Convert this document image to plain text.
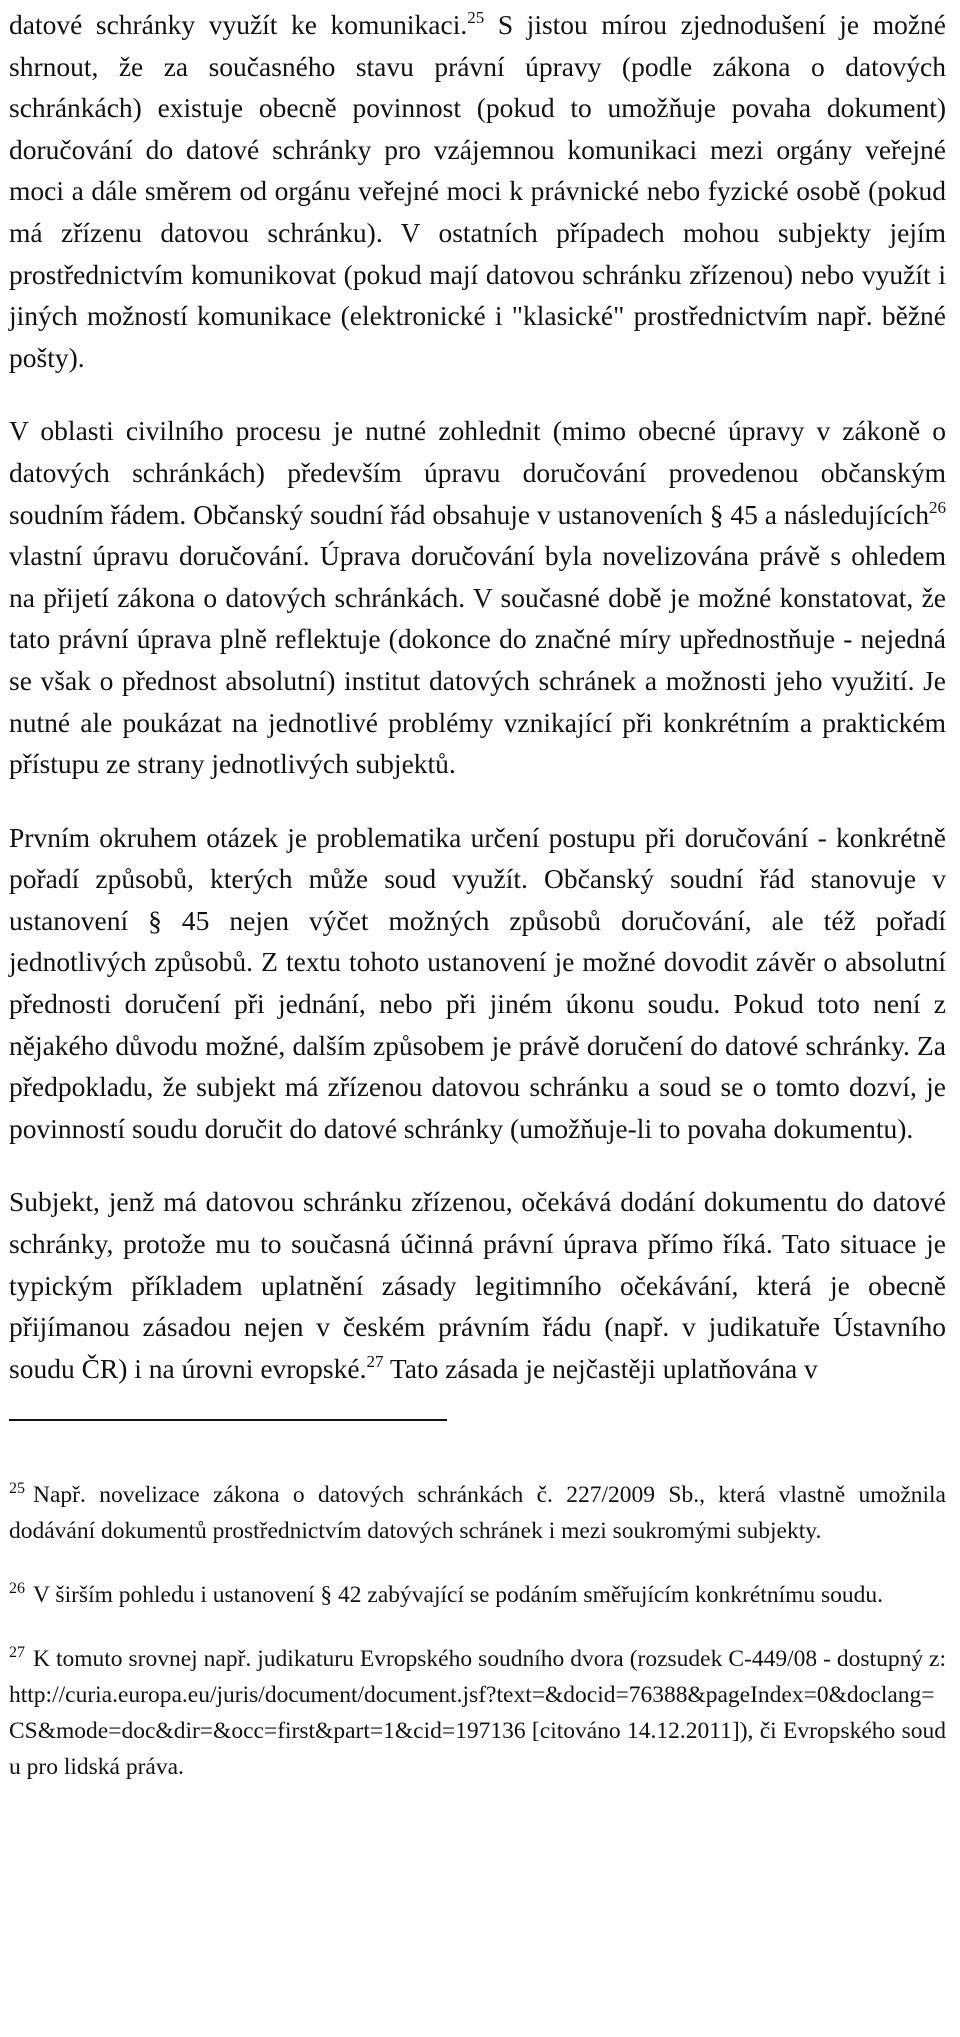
datové schránky využít ke komunikaci.$^{25}$ S jistou mírou zjednodušení je možné shrnout, že za současného stavu právní úpravy (podle zákona o datových schránkách) existuje obecně povinnost (pokud to umožňuje povaha dokument) doručování do datové schránky pro vzájemnou komunikaci mezi orgány veřejné moci a dále směrem od orgánu veřejné moci k právnické nebo fyzické osobě (pokud má zřízenu datovou schránku). V ostatních případech mohou subjekty jejím prostřednictvím komunikovat (pokud mají datovou schránku zřízenou) nebo využít i jiných možností komunikace (elektronické i "klasické" prostřednictvím např. běžné pošty).

V oblasti civilního procesu je nutné zohlednit (mimo obecné úpravy v zákoně o datových schránkách) především úpravu doručování provedenou občanským soudním řádem. Občanský soudní řád obsahuje v ustanoveních § 45 a následujících$^{26}$ vlastní úpravu doručování. Úprava doručování byla novelizována právě s ohledem na přijetí zákona o datových schránkách. V současné době je možné konstatovat, že tato právní úprava plně reflektuje (dokonce do značné míry upřednostňuje - nejedná se však o přednost absolutní) institut datových schránek a možnosti jeho využití. Je nutné ale poukázat na jednotlivé problémy vznikající při konkrétním a praktickém přístupu ze strany jednotlivých subjektů.

Prvním okruhem otázek je problematika určení postupu při doručování - konkrétně pořadí způsobů, kterých může soud využít. Občanský soudní řád stanovuje v ustanovení § 45 nejen výčet možných způsobů doručování, ale též pořadí jednotlivých způsobů. Z textu tohoto ustanovení je možné dovodit závěr o absolutní přednosti doručení při jednání, nebo při jiném úkonu soudu. Pokud toto není z nějakého důvodu možné, dalším způsobem je právě doručení do datové schránky. Za předpokladu, že subjekt má zřízenou datovou schránku a soud se o tomto dozví, je povinností soudu doručit do datové schránky (umožňuje-li to povaha dokumentu).

Subjekt, jenž má datovou schránku zřízenou, očekává dodání dokumentu do datové schránky, protože mu to současná účinná právní úprava přímo říká. Tato situace je typickým příkladem uplatnění zásady legitimního očekávání, která je obecně přijímanou zásadou nejen v českém právním řádu (např. v judikatuře Ústavního soudu ČR) i na úrovni evropské.$^{27}$ Tato zásada je nejčastěji uplatňována v

$^{25}$ Např. novelizace zákona o datových schránkách č. 227/2009 Sb., která vlastně umožnila dodávání dokumentů prostřednictvím datových schránek i mezi soukromými subjekty.

$^{26}$ V širším pohledu i ustanovení § 42 zabývající se podáním směřujícím konkrétnímu soudu.

$^{27}$ K tomuto srovnej např. judikaturu Evropského soudního dvora (rozsudek C-449/08 - dostupný z: http://curia.europa.eu/juris/document/document.jsf?text=&docid=76388&pageIndex=0&doclang=CS&mode=doc&dir=&occ=first&part=1&cid=197136 [citováno 14.12.2011]), či Evropského soudu pro lidská práva.
